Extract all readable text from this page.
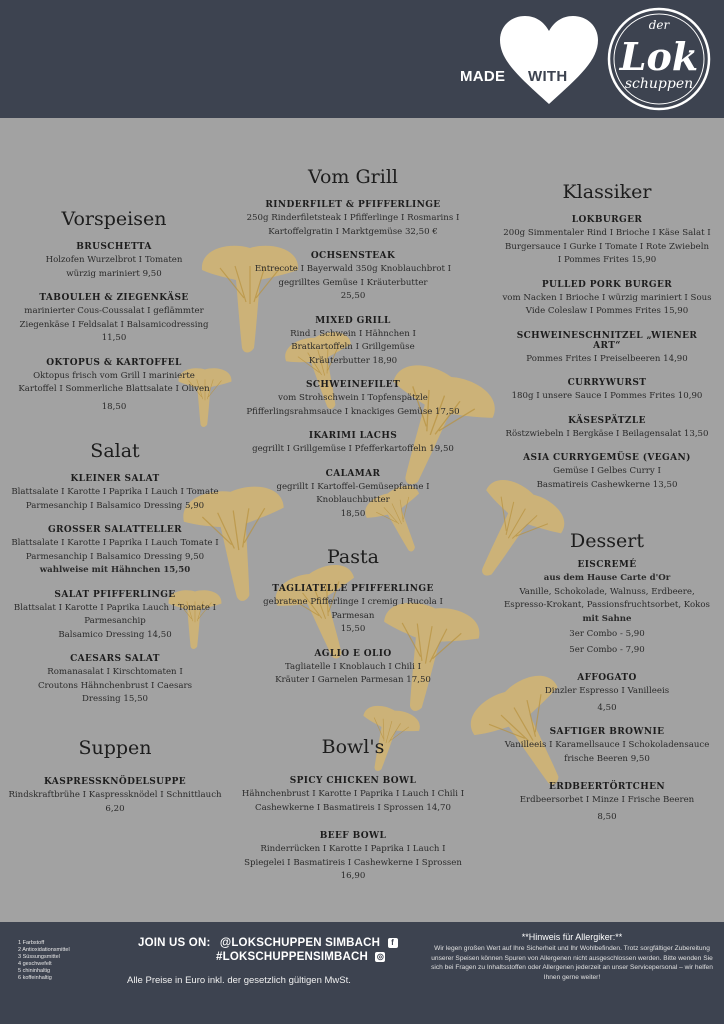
MADE WITH
der
Lok
schuppen
Vorspeisen
BRUSCHETTA
Holzofen Wurzelbrot I Tomaten würzig mariniert 9,50
TABOULEH & ZIEGENKÄSE
marinierter Cous-Coussalat I geflämmter Ziegenkäse I Feldsalat I Balsamicodressing 11,50
OKTOPUS & KARTOFFEL
Oktopus frisch vom Grill I marinierte Kartoffel I Sommerliche Blattsalate I Oliven
18,50
Salat
KLEINER SALAT
Blattsalate I Karotte I Paprika I Lauch I Tomate Parmesanchip I Balsamico Dressing 5,90
GROSSER SALATTELLER
Blattsalate I Karotte I Paprika I Lauch Tomate I Parmesanchip I Balsamico Dressing 9,50
wahlweise mit Hähnchen 15,50
SALAT PFIFFERLINGE
Blattsalat I Karotte I Paprika Lauch I Tomate I Parmesanchip
Balsamico Dressing 14,50
CAESARS SALAT
Romanasalat I Kirschtomaten I Croutons Hähnchenbrust I Caesars Dressing 15,50
Suppen
KASPRESSKNÖDELSUPPE
Rindskraftbrühe I Kaspressknödel I Schnittlauch 6,20
Vom Grill
RINDERFILET & PFIFFERLINGE
250g Rinderfiletsteak I Pfifferlinge I Rosmarins I Kartoffelgratin I Marktgemüse 32,50 €
OCHSENSTEAK
Entrecote I Bayerwald 350g Knoblauchbrot I gegrilltes Gemüse I Kräuterbutter
25,50
MIXED GRILL
Rind I Schwein I Hähnchen I Bratkartoffeln I Grillgemüse Kräuterbutter 18,90
SCHWEINEFILET
vom Strohschwein I Topfenspätzle Pfifferlingsrahmsauce I knackiges Gemüse 17,50
IKARIMI LACHS
gegrillt I Grillgemüse I Pfefferkartoffeln 19,50
CALAMAR
gegrillt I Kartoffel-Gemüsepfanne I Knoblauchbutter
18,50
Pasta
TAGLIATELLE PFIFFERLINGE
gebratene Pfifferlinge I cremig I Rucola I Parmesan
15,50
AGLIO E OLIO
Tagliatelle I Knoblauch I Chili I Kräuter I Garnelen Parmesan 17,50
Bowl's
SPICY CHICKEN BOWL
Hähnchenbrust I Karotte I Paprika I Lauch I Chili I Cashewkerne I Basmatireis I Sprossen 14,70
BEEF BOWL
Rinderrücken I Karotte I Paprika I Lauch I Spiegelei I Basmatireis I Cashewkerne I Sprossen 16,90
Klassiker
LOKBURGER
200g Simmentaler Rind I Brioche I Käse Salat I Burgersauce I Gurke I Tomate I Rote Zwiebeln I Pommes Frites 15,90
PULLED PORK BURGER
vom Nacken I Brioche I würzig mariniert I Sous Vide Coleslaw I Pommes Frites 15,90
SCHWEINESCHNITZEL „WIENER ART“
Pommes Frites I Preiselbeeren 14,90
CURRYWURST
180g I unsere Sauce I Pommes Frites 10,90
KÄSESPÄTZLE
Röstzwiebeln I Bergkäse I Beilagensalat 13,50
ASIA CURRYGEMÜSE (VEGAN)
Gemüse I Gelbes Curry I Basmatireis Cashewkerne 13,50
Dessert
EISCREMÉ
aus dem Hause Carte d'Or
Vanille, Schokolade, Walnuss, Erdbeere, Espresso-Krokant, Passionsfruchtsorbet, Kokos
mit Sahne
3er Combo - 5,90
5er Combo - 7,90
AFFOGATO
Dinzler Espresso I Vanilleeis
4,50
SAFTIGER BROWNIE
Vanilleeis I Karamellsauce I Schokoladensauce frische Beeren 9,50
ERDBEERTÖRTCHEN
Erdbeersorbet I Minze I Frische Beeren
8,50
1 Farbstoff
2 Antioxidationsmittel
3 Süssungsmittel
4 geschwefelt
5 chininhaltig
6 koffeinhaltig
JOIN US ON: @LOKSCHUPPEN SIMBACH f
#LOKSCHUPPENSIMBACH ◎
Alle Preise in Euro inkl. der gesetzlich gültigen MwSt.
**Hinweis für Allergiker:**
Wir legen großen Wert auf Ihre Sicherheit und Ihr Wohlbefinden. Trotz sorgfältiger Zubereitung unserer Speisen können Spuren von Allergenen nicht ausgeschlossen werden. Bitte wenden Sie sich bei Fragen zu Inhaltsstoffen oder Allergenen jederzeit an unser Servicepersonal – wir helfen Ihnen gerne weiter!
